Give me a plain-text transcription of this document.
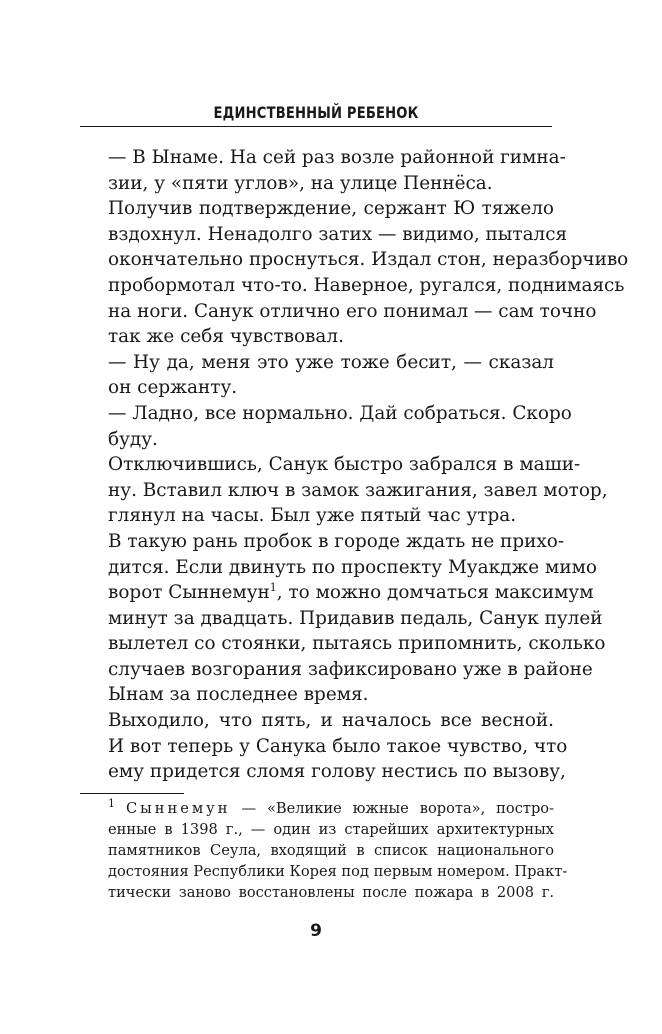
ЕДИНСТВЕННЫЙ РЕБЕНОК

— В Ынаме. На сей раз возле районной гимна-
зии, у «пяти углов», на улице Пеннёса.

Получив подтверждение, сержант Ю тяжело
вздохнул. Ненадолго затих — видимо, пытался
окончательно проснуться. Издал стон, неразборчиво
пробормотал что-то. Наверное, ругался, поднимаясь
на ноги. Санук отлично его понимал — сам точно
так же себя чувствовал.

— Ну да, меня это уже тоже бесит, — сказал
он сержанту.

— Ладно, все нормально. Дай собраться. Скоро
буду.

Отключившись, Санук быстро забрался в маши-
ну. Вставил ключ в замок зажигания, завел мотор,
глянул на часы. Был уже пятый час утра.

В такую рань пробок в городе ждать не прихо-
дится. Если двинуть по проспекту Муакдже мимо
ворот Сыннемун$^1$, то можно домчаться максимум
минут за двадцать. Придавив педаль, Санук пулей
вылетел со стоянки, пытаясь припомнить, сколько
случаев возгорания зафиксировано уже в районе
Ынам за последнее время.

Выходило, что пять, и началось все весной.
И вот теперь у Санука было такое чувство, что
ему придется сломя голову нестись по вызову,

$^1$ Сыннемун — «Великие южные ворота», постро-
енные в 1398 г., — один из старейших архитектурных
памятников Сеула, входящий в список национального
достояния Республики Корея под первым номером. Практ-
тически заново восстановлены после пожара в 2008 г.

9
